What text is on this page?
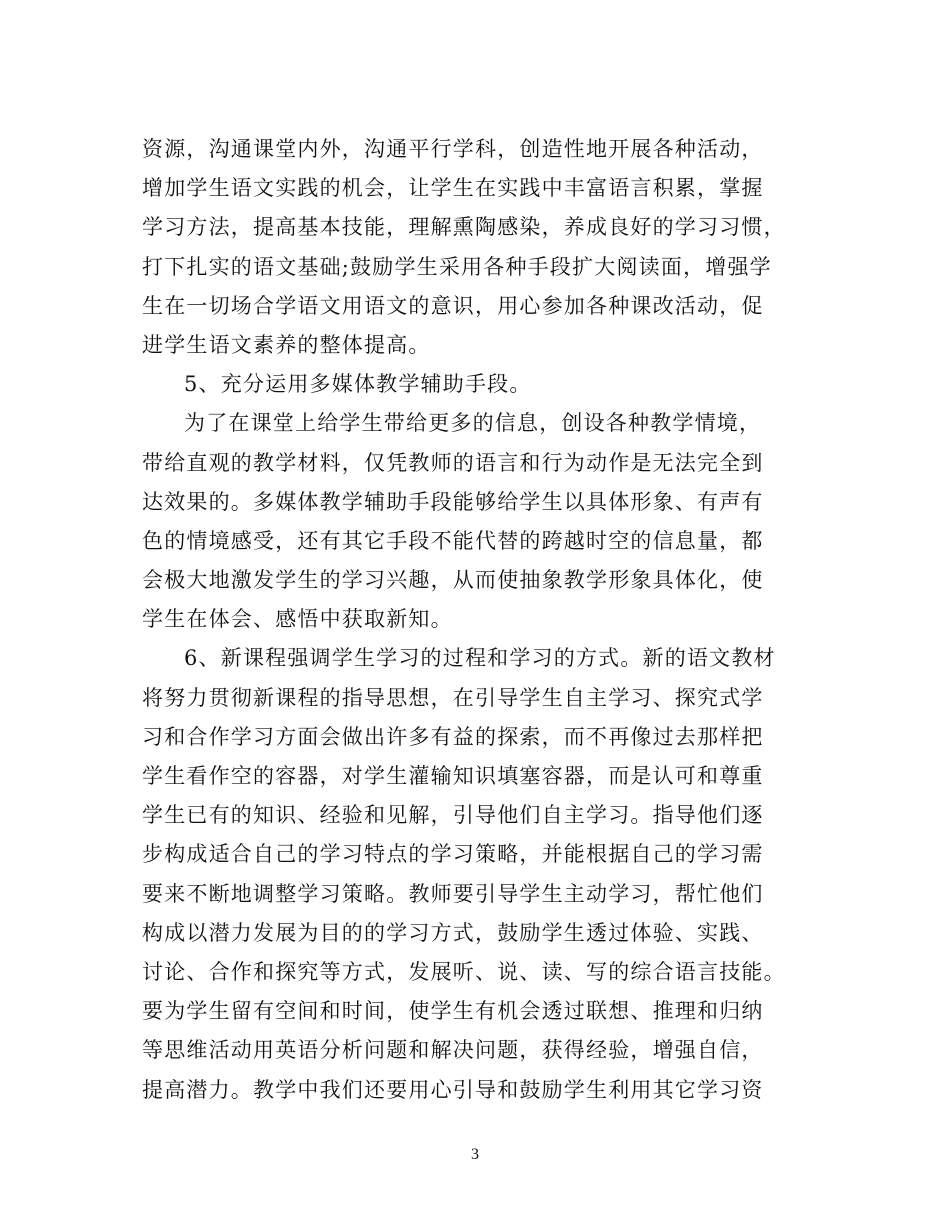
资源，沟通课堂内外，沟通平行学科，创造性地开展各种活动，
增加学生语文实践的机会，让学生在实践中丰富语言积累，掌握
学习方法，提高基本技能，理解熏陶感染，养成良好的学习习惯，
打下扎实的语文基础;鼓励学生采用各种手段扩大阅读面，增强学
生在一切场合学语文用语文的意识，用心参加各种课改活动，促
进学生语文素养的整体提高。
5、充分运用多媒体教学辅助手段。
为了在课堂上给学生带给更多的信息，创设各种教学情境，
带给直观的教学材料，仅凭教师的语言和行为动作是无法完全到
达效果的。多媒体教学辅助手段能够给学生以具体形象、有声有
色的情境感受，还有其它手段不能代替的跨越时空的信息量，都
会极大地激发学生的学习兴趣，从而使抽象教学形象具体化，使
学生在体会、感悟中获取新知。
6、新课程强调学生学习的过程和学习的方式。新的语文教材
将努力贯彻新课程的指导思想，在引导学生自主学习、探究式学
习和合作学习方面会做出许多有益的探索，而不再像过去那样把
学生看作空的容器，对学生灌输知识填塞容器，而是认可和尊重
学生已有的知识、经验和见解，引导他们自主学习。指导他们逐
步构成适合自己的学习特点的学习策略，并能根据自己的学习需
要来不断地调整学习策略。教师要引导学生主动学习，帮忙他们
构成以潜力发展为目的的学习方式，鼓励学生透过体验、实践、
讨论、合作和探究等方式，发展听、说、读、写的综合语言技能。
要为学生留有空间和时间，使学生有机会透过联想、推理和归纳
等思维活动用英语分析问题和解决问题，获得经验，增强自信，
提高潜力。教学中我们还要用心引导和鼓励学生利用其它学习资
3
